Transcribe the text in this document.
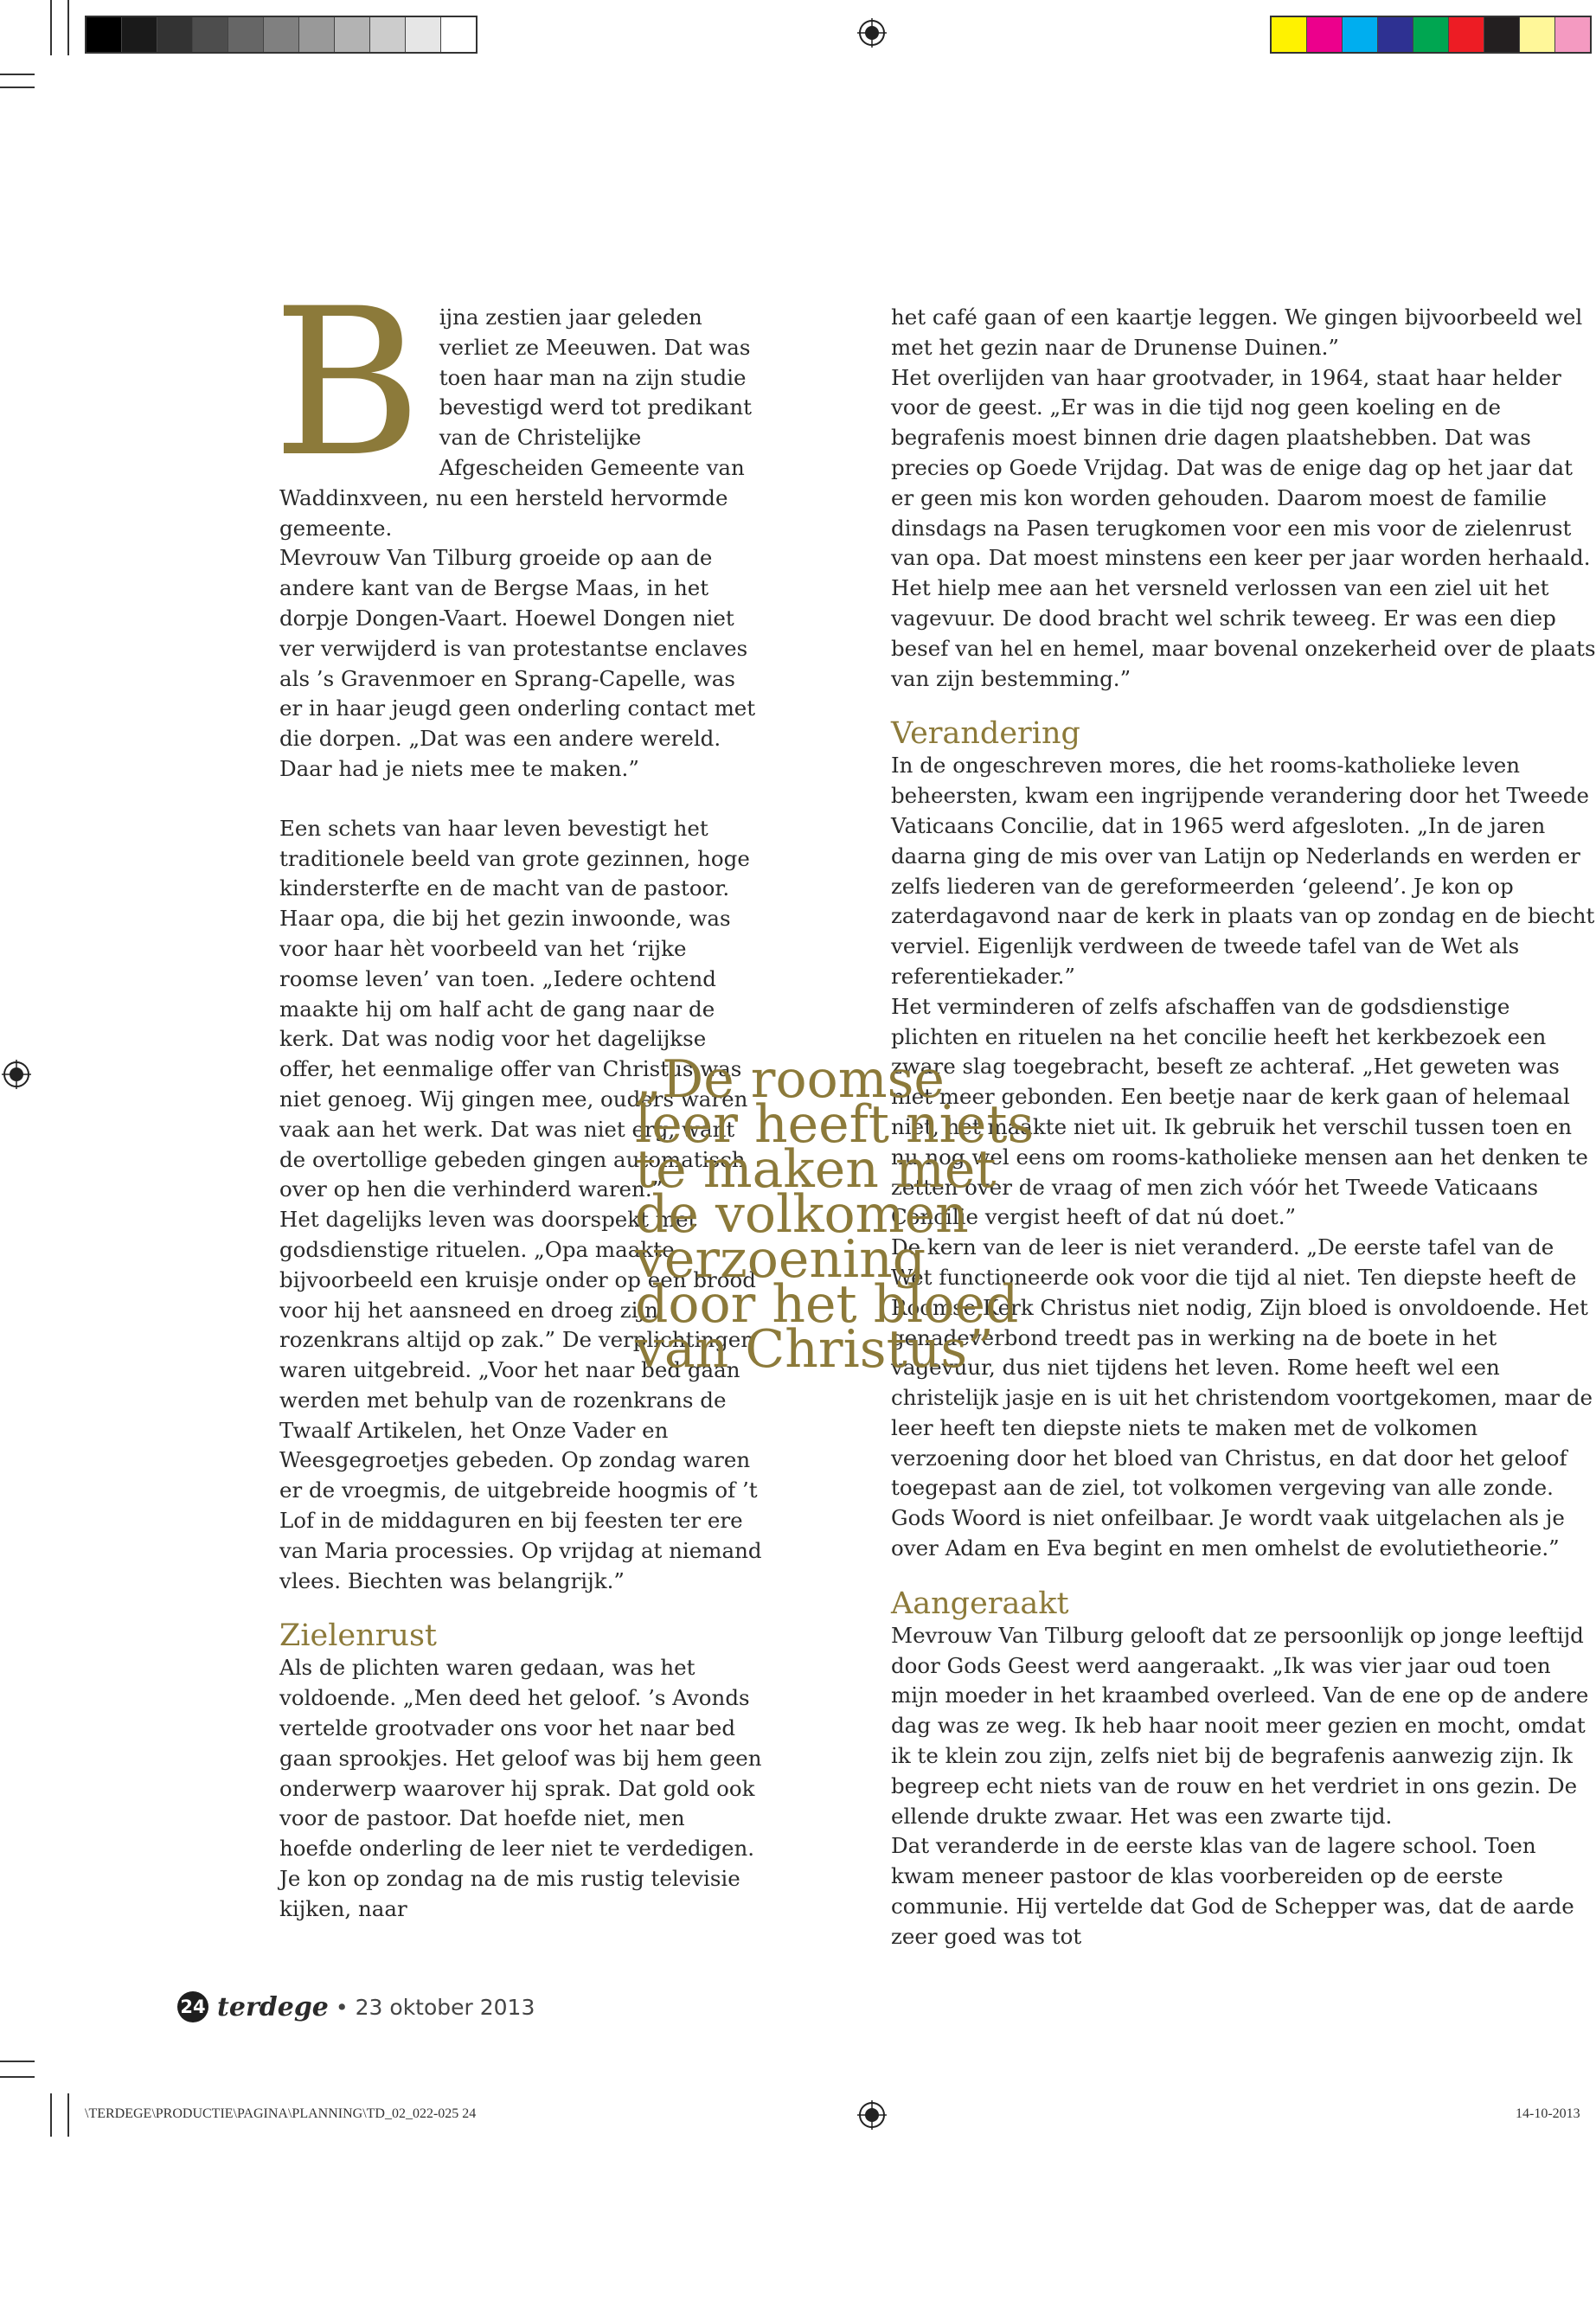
B ijna zestien jaar geleden verliet ze Meeuwen. Dat was toen haar man na zijn studie bevestigd werd tot predikant van de Christelijke Afgescheiden Gemeente van Waddinxveen, nu een hersteld hervormde gemeente.

Mevrouw Van Tilburg groeide op aan de andere kant van de Bergse Maas, in het dorpje Dongen-Vaart. Hoewel Dongen niet ver verwijderd is van protestantse enclaves als ’s Gravenmoer en Sprang-Capelle, was er in haar jeugd geen onderling contact met die dorpen. „Dat was een andere wereld. Daar had je niets mee te maken.”

Een schets van haar leven bevestigt het traditionele beeld van grote gezinnen, hoge kindersterfte en de macht van de pastoor. Haar opa, die bij het gezin inwoonde, was voor haar hèt voorbeeld van het ‘rijke roomse leven’ van toen. „Iedere ochtend maakte hij om half acht de gang naar de kerk. Dat was nodig voor het dagelijkse offer, het eenmalige offer van Christus was niet genoeg. Wij gingen mee, ouders waren vaak aan het werk. Dat was niet erg, want de overtollige gebeden gingen automatisch over op hen die verhinderd waren.”

Het dagelijks leven was doorspekt met godsdienstige rituelen. „Opa maakte bijvoorbeeld een kruisje onder op een brood voor hij het aansneed en droeg zijn rozenkrans altijd op zak.” De verplichtingen waren uitgebreid. „Voor het naar bed gaan werden met behulp van de rozenkrans de Twaalf Artikelen, het Onze Vader en Weesgegroetjes gebeden. Op zondag waren er de vroegmis, de uitgebreide hoogmis of ’t Lof in de middaguren en bij feesten ter ere van Maria processies. Op vrijdag at niemand vlees. Biechten was belangrijk.”

Zielenrust

Als de plichten waren gedaan, was het voldoende. „Men deed het geloof. ’s Avonds vertelde grootvader ons voor het naar bed gaan sprookjes. Het geloof was bij hem geen onderwerp waarover hij sprak. Dat gold ook voor de pastoor. Dat hoefde niet, men hoefde onderling de leer niet te verdedigen. Je kon op zondag na de mis rustig televisie kijken, naar

het café gaan of een kaartje leggen. We gingen bijvoorbeeld wel met het gezin naar de Drunense Duinen.”

Het overlijden van haar grootvader, in 1964, staat haar helder voor de geest. „Er was in die tijd nog geen koeling en de begrafenis moest binnen drie dagen plaatshebben. Dat was precies op Goede Vrijdag. Dat was de enige dag op het jaar dat er geen mis kon worden gehouden. Daarom moest de familie dinsdags na Pasen terugkomen voor een mis voor de zielenrust van opa. Dat moest minstens een keer per jaar worden herhaald. Het hielp mee aan het versneld verlossen van een ziel uit het vagevuur. De dood bracht wel schrik teweeg. Er was een diep besef van hel en hemel, maar bovenal onzekerheid over de plaats van zijn bestemming.”

Verandering

In de ongeschreven mores, die het rooms-katholieke leven beheersten, kwam een ingrijpende verandering door het Tweede Vaticaans Concilie, dat in 1965 werd afgesloten. „In de jaren daarna ging de mis over van Latijn op Nederlands en werden er zelfs liederen van de gereformeerden ‘geleend’. Je kon op zaterdagavond naar de kerk in plaats van op zondag en de biecht verviel. Eigenlijk verdween de tweede tafel van de Wet als referentiekader.”

Het verminderen of zelfs afschaffen van de godsdienstige plichten en rituelen na het concilie heeft het kerkbezoek een zware slag toegebracht, beseft ze achteraf. „Het geweten was niet meer gebonden. Een beetje naar de kerk gaan of helemaal niet, het maakte niet uit. Ik gebruik het verschil tussen toen en nu nog wel eens om rooms-katholieke mensen aan het denken te zetten over de vraag of men zich vóór het Tweede Vaticaans Concilie vergist heeft of dat nú doet.”

De kern van de leer is niet veranderd. „De eerste tafel van de Wet functioneerde ook voor die tijd al niet. Ten diepste heeft de Roomse Kerk Christus niet nodig, Zijn bloed is onvoldoende. Het genadeverbond treedt pas in werking na de boete in het vagevuur, dus niet tijdens het leven. Rome heeft wel een christelijk jasje en is uit het christendom voortgekomen, maar de leer heeft ten diepste niets te maken met de volkomen verzoening door het bloed van Christus, en dat door het geloof toegepast aan de ziel, tot volkomen vergeving van alle zonde. Gods Woord is niet onfeilbaar. Je wordt vaak uitgelachen als je over Adam en Eva begint en men omhelst de evolutietheorie.”

Aangeraakt

Mevrouw Van Tilburg gelooft dat ze persoonlijk op jonge leeftijd door Gods Geest werd aangeraakt. „Ik was vier jaar oud toen mijn moeder in het kraambed overleed. Van de ene op de andere dag was ze weg. Ik heb haar nooit meer gezien en mocht, omdat ik te klein zou zijn, zelfs niet bij de begrafenis aanwezig zijn. Ik begreep echt niets van de rouw en het verdriet in ons gezin. De ellende drukte zwaar. Het was een zwarte tijd.

Dat veranderde in de eerste klas van de lagere school. Toen kwam meneer pastoor de klas voorbereiden op de eerste communie. Hij vertelde dat God de Schepper was, dat de aarde zeer goed was tot

„De roomse
leer heeft niets
te maken met
de volkomen
verzoening
door het bloed
van Christus”
24 terdege • 23 oktober 2013
\TERDEGE\PRODUCTIE\PAGINA\PLANNING\TD_02_022-025 24	14-10-2013
